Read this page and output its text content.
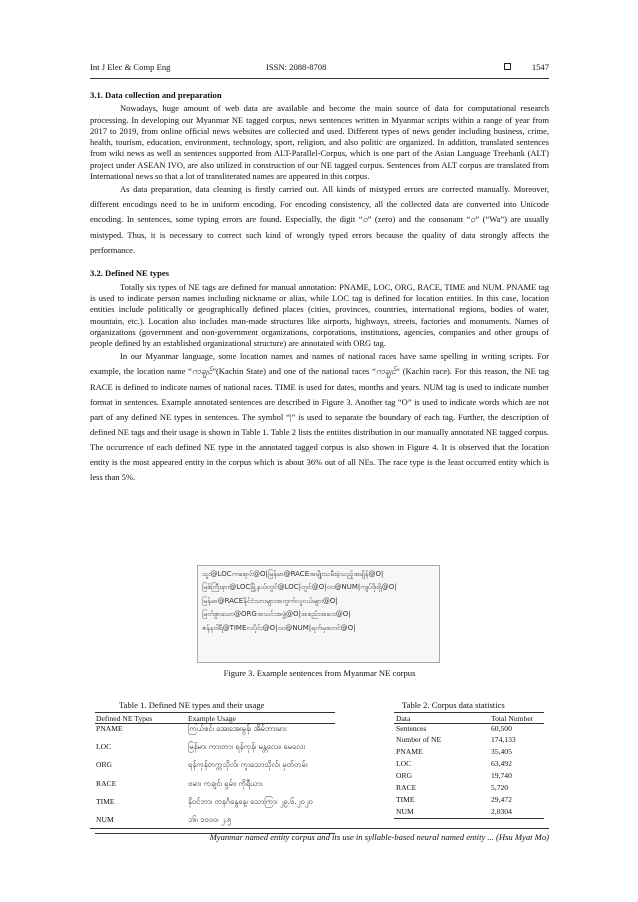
Int J Elec & Comp Eng	ISSN: 2088-8708	1547
3.1. Data collection and preparation

Nowadays, huge amount of web data are available and become the main source of data for computational research processing. In developing our Myanmar NE tagged corpus, news sentences written in Myanmar scripts within a range of year from 2017 to 2019, from online official news websites are collected and used. Different types of news gender including business, crime, health, tourism, education, environment, technology, sport, religion, and also politic are organized. In addition, translated sentences from wiki news as well as sentences supported from ALT-Parallel-Corpus, which is one part of the Asian Language Treebank (ALT) project under ASEAN IVO, are also utilized in construction of our NE tagged corpus. Sentences from ALT corpus are translated from International news so that a lot of transliterated names are appeared in this corpus.

As data preparation, data cleaning is firstly carried out. All kinds of mistyped errors are corrected manually. Moreover, different encodings need to be in uniform encoding. For encoding consistency, all the collected data are converted into Unicode encoding. In sentences, some typing errors are found. Especially, the digit “၀” (zero) and the consonant “ဝ” (“Wa”) are usually mistyped. Thus, it is necessary to correct such kind of wrongly typed errors because the quality of data strongly affects the performance.

3.2. Defined NE types

Totally six types of NE tags are defined for manual annotation: PNAME, LOC, ORG, RACE, TIME and NUM. PNAME tag is used to indicate person names including nickname or alias, while LOC tag is defined for location entities. In this case, location entities include politically or geographically defined places (cities, provinces, countries, international regions, bodies of water, mountain, etc.). Location also includes man-made structures like airports, highways, streets, factories and monuments. Names of organizations (government and non-government organizations, corporations, institutions, agencies, companies and other groups of people defined by an established organizational structure) are annotated with ORG tag.

In our Myanmar language, some location names and names of national races have same spelling in writing scripts. For example, the location name “ကချင်”(Kachin State) and one of the national races “ကချင်“ (Kachin race). For this reason, the NE tag RACE is defined to indicate names of national races. TIME is used for dates, months and years. NUM tag is used to indicate number format in sentences. Example annotated sentences are described in Figure 3. Another tag “O” is used to indicate words which are not part of any defined NE types in sentences. The symbol “|” is used to separate the boundary of each tag. Further, the description of defined NE tags and their usage is shown in Table 1. Table 2 lists the entiites distribution in our manually annotated NE tagged corpus. The occurrence of each defined NE type in the annotated tagged corpus is also shown in Figure 4. It is observed that the location entity is the most appeared entity in the corpus which is about 36% out of all NEs. The race type is the least occurred entity which is less than 5%.

သူး@LOCကရောင်@O|မြန်မာ@RACEအမျိုးသမီးခဲ့သည့်အချိန်@O|
မြစ်ကြီးနား@LOCမြို့နယ်တွင်@LOC|တွင်@O|၀၀@NUM|ကျပ်ဖိုးရှိ@O|
မြန်မာ@RACEနိုင်ငံသားများအတွက်လူငယ်များ@O|
မြတ်စွာသော@ORGအသင်းအဖွဲ့@O|အစည်းအဝေး@O|
ဇန်နဝါရီ@TIMEလပိုင်း@O|၀၀@NUM|ရက်မှစတင်@O|
Figure 3. Example sentences from Myanmar NE corpus
Table 1. Defined NE types and their usage
Defined NE Types	Example Usage
PNAME	ကြယ်စင်၊ အေးအေးမွန်၊ အိမ်ဘားမား
LOC	မြန်မာ၊ ကားတာ၊ ရန်ကုန်၊ မန္တလေး၊ မေလေး
ORG	ရန်ကုန်တက္ကသိုလ်၊ ကူးသောသိုလ်၊ မှတ်တမ်း
RACE	ဗမာ၊ ကချင်၊ ရှမ်း၊ ကိုရီယား
TIME	နိုဝင်ဘာ၊ တနင်္ဂနွေနေ့၊ သောကြာ၊ ၂၉.၆.၂၀၂၀
NUM	၁၆၊ ၁၀၀၀၊ ၂.၅
Table 2. Corpus data statistics
Data	Total Number
Sentences	60,500
Number of NE	174,133
PNAME	35,405
LOC	63,492
ORG	19,740
RACE	5,720
TIME	29,472
NUM	2,0304
Myanmar named entity corpus and its use in syllable-based neural named entity ... (Hsu Myat Mo)
